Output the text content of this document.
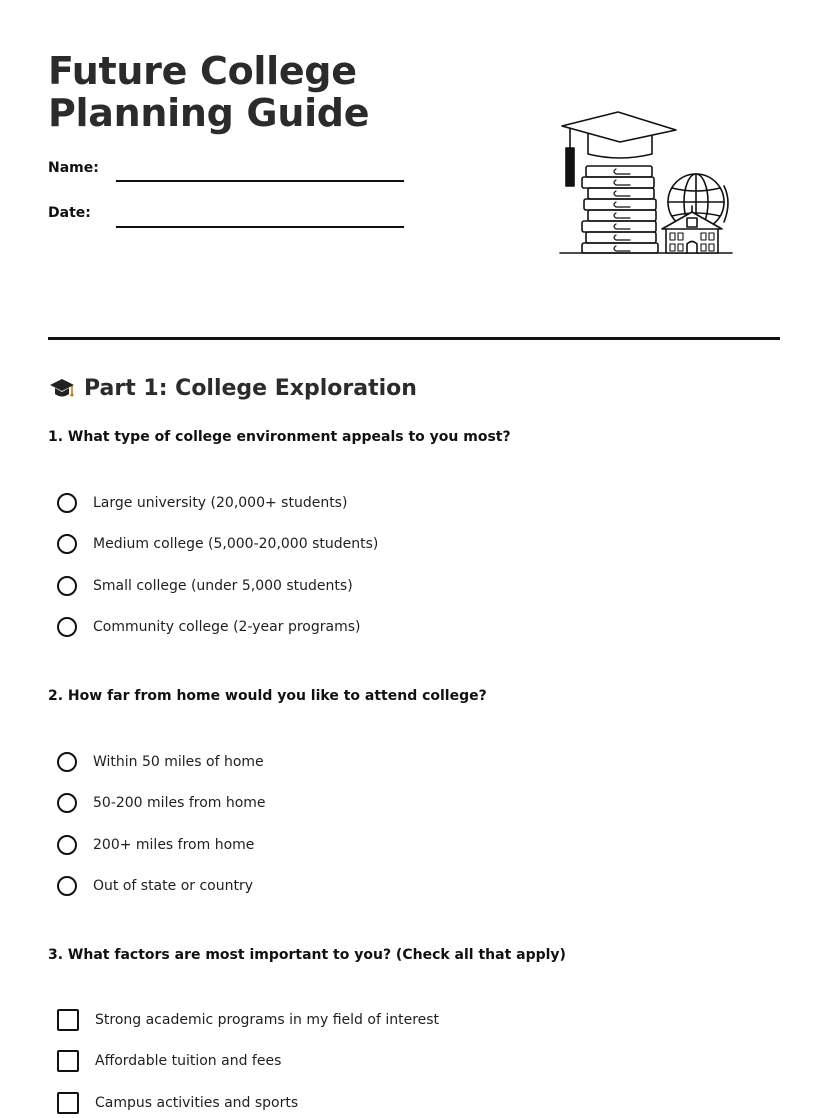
Future College Planning Guide
Name:
Date:
Part 1: College Exploration

1. What type of college environment appeals to you most?

Large university (20,000+ students)
Medium college (5,000-20,000 students)
Small college (under 5,000 students)
Community college (2-year programs)

2. How far from home would you like to attend college?

Within 50 miles of home
50-200 miles from home
200+ miles from home
Out of state or country

3. What factors are most important to you? (Check all that apply)

Strong academic programs in my field of interest
Affordable tuition and fees
Campus activities and sports
